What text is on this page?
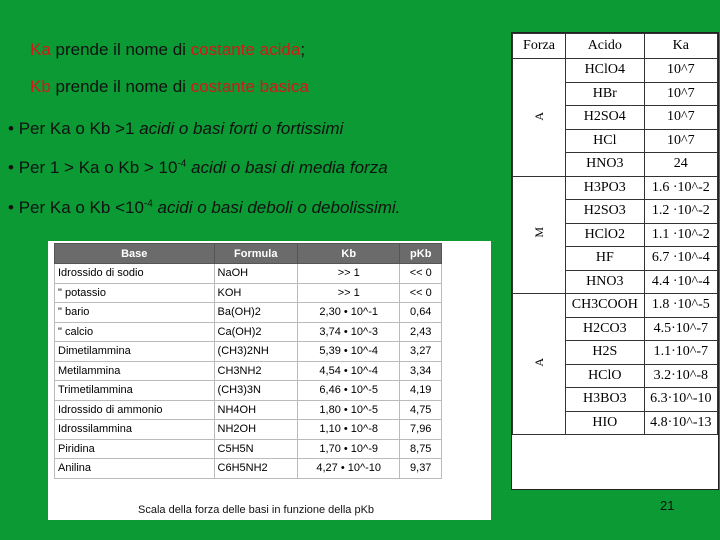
Ka prende il nome di costante acida;
Kb prende il nome di costante basica
• Per Ka o Kb >1 acidi o basi forti o fortissimi
• Per 1 > Ka o $Kb > 10^{-4}$ acidi o basi di media forza
• Per Ka o $Kb <10^{-4}$ acidi o basi deboli o debolissimi.
Forza	Acido	Ka
A	HClO4	10^7
	HBr	10^7
	H2SO4	10^7
	HCl	10^7
	HNO3	24
M	H3PO3	1.6 ·10^-2
	H2SO3	1.2 ·10^-2
	HClO2	1.1 ·10^-2
	HF	6.7 ·10^-4
	HNO3	4.4 ·10^-4
A	CH3COOH	1.8 ·10^-5
	H2CO3	4.5·10^-7
	H2S	1.1·10^-7
	HClO	3.2·10^-8
	H3BO3	6.3·10^-10
	HIO	4.8·10^-13
Base	Formula	Kb	pKb
Idrossido di sodio	NaOH	>> 1	<< 0
" potassio	KOH	>> 1	<< 0
" bario	Ba(OH)2	2,30 • 10^-1	0,64
" calcio	Ca(OH)2	3,74 • 10^-3	2,43
Dimetilammina	(CH3)2NH	5,39 • 10^-4	3,27
Metilammina	CH3NH2	4,54 • 10^-4	3,34
Trimetilammina	(CH3)3N	6,46 • 10^-5	4,19
Idrossido di ammonio	NH4OH	1,80 • 10^-5	4,75
Idrossilammina	NH2OH	1,10 • 10^-8	7,96
Piridina	C5H5N	1,70 • 10^-9	8,75
Anilina	C6H5NH2	4,27 • 10^-10	9,37
Scala della forza delle basi in funzione della pKb	21
